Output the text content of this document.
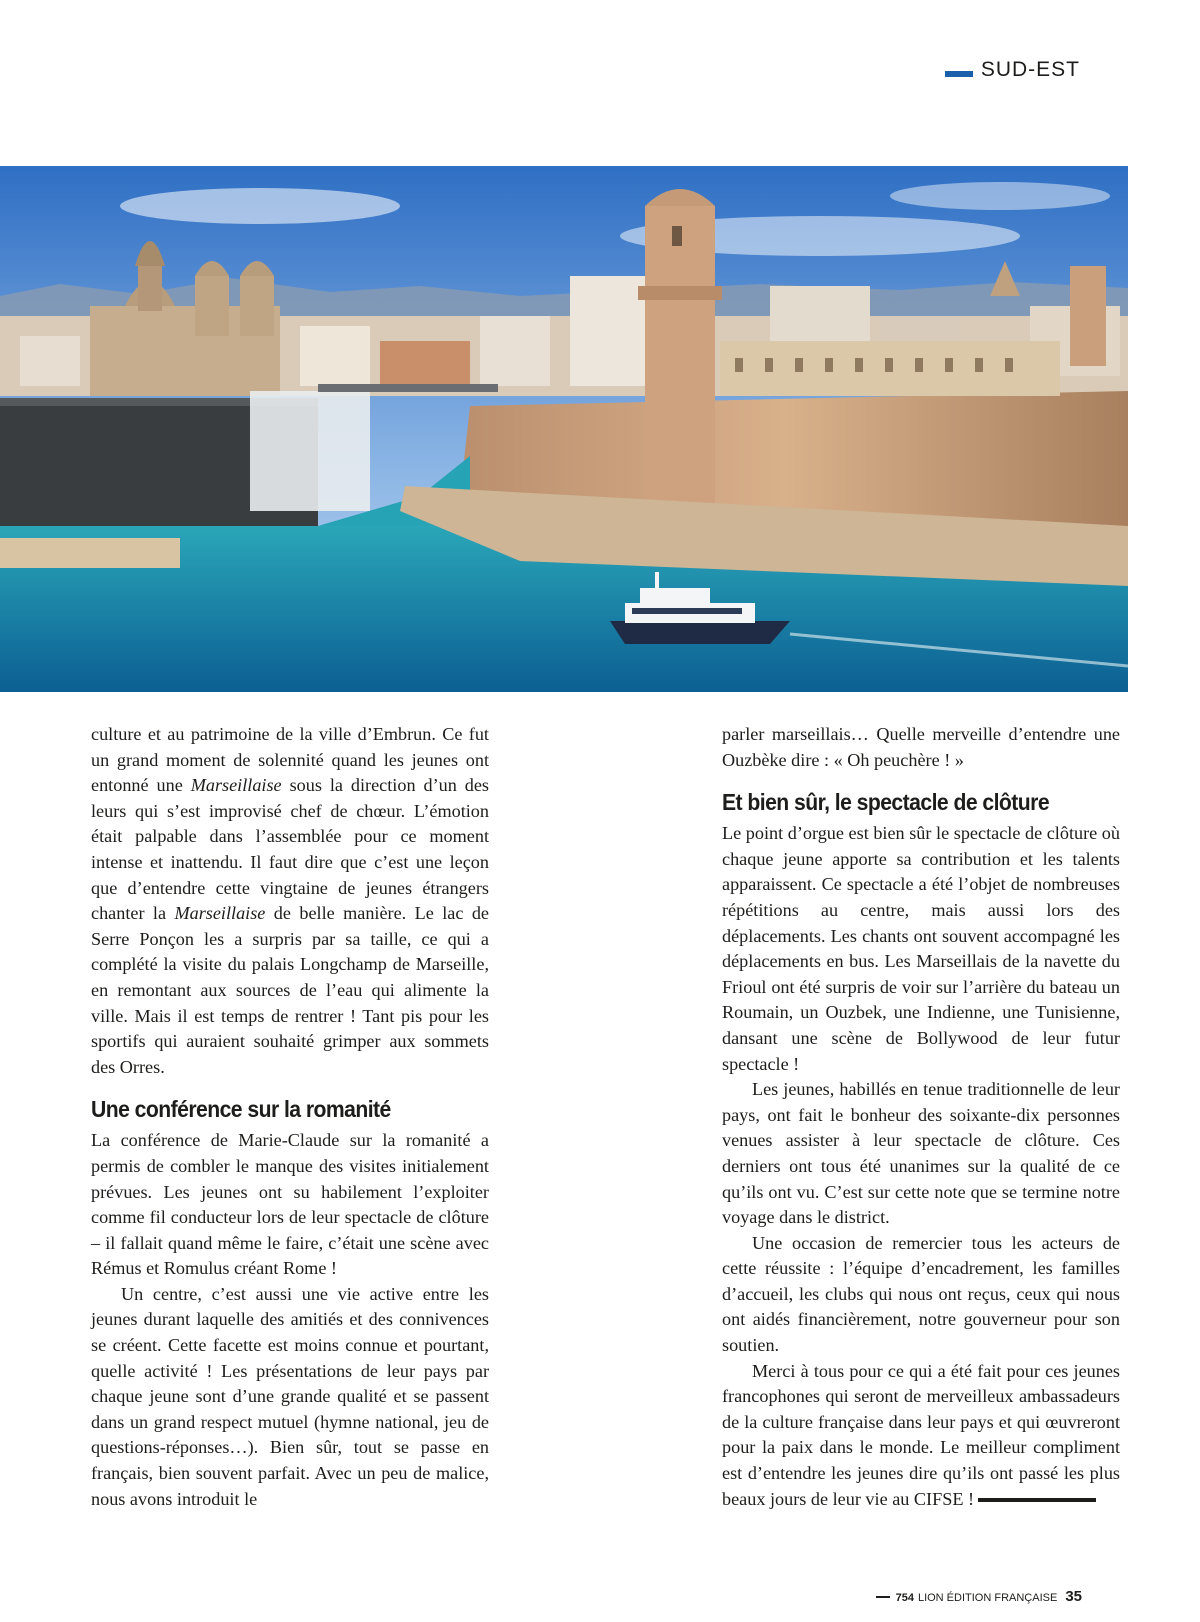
SUD-EST

culture et au patrimoine de la ville d’Embrun. Ce fut un grand moment de solennité quand les jeunes ont entonné une Marseillaise sous la direction d’un des leurs qui s’est improvisé chef de chœur. L’émotion était palpable dans l’assemblée pour ce moment intense et inattendu. Il faut dire que c’est une leçon que d’entendre cette vingtaine de jeunes étrangers chanter la Marseillaise de belle manière. Le lac de Serre Ponçon les a surpris par sa taille, ce qui a complété la visite du palais Longchamp de Marseille, en remontant aux sources de l’eau qui alimente la ville. Mais il est temps de rentrer ! Tant pis pour les sportifs qui auraient souhaité grimper aux sommets des Orres.

Une conférence sur la romanité

La conférence de Marie-Claude sur la romanité a permis de combler le manque des visites initialement prévues. Les jeunes ont su habilement l’exploiter comme fil conducteur lors de leur spectacle de clôture – il fallait quand même le faire, c’était une scène avec Rémus et Romulus créant Rome !

Un centre, c’est aussi une vie active entre les jeunes durant laquelle des amitiés et des connivences se créent. Cette facette est moins connue et pourtant, quelle activité ! Les présentations de leur pays par chaque jeune sont d’une grande qualité et se passent dans un grand respect mutuel (hymne national, jeu de questions-réponses…). Bien sûr, tout se passe en français, bien souvent parfait. Avec un peu de malice, nous avons introduit le

parler marseillais… Quelle merveille d’entendre une Ouzbèke dire : « Oh peuchère ! »

Et bien sûr, le spectacle de clôture

Le point d’orgue est bien sûr le spectacle de clôture où chaque jeune apporte sa contribution et les talents apparaissent. Ce spectacle a été l’objet de nombreuses répétitions au centre, mais aussi lors des déplacements. Les chants ont souvent accompagné les déplacements en bus. Les Marseillais de la navette du Frioul ont été surpris de voir sur l’arrière du bateau un Roumain, un Ouzbek, une Indienne, une Tunisienne, dansant une scène de Bollywood de leur futur spectacle !

Les jeunes, habillés en tenue traditionnelle de leur pays, ont fait le bonheur des soixante-dix personnes venues assister à leur spectacle de clôture. Ces derniers ont tous été unanimes sur la qualité de ce qu’ils ont vu. C’est sur cette note que se termine notre voyage dans le district.

Une occasion de remercier tous les acteurs de cette réussite : l’équipe d’encadrement, les familles d’accueil, les clubs qui nous ont reçus, ceux qui nous ont aidés financièrement, notre gouverneur pour son soutien.

Merci à tous pour ce qui a été fait pour ces jeunes francophones qui seront de merveilleux ambassadeurs de la culture française dans leur pays et qui œuvreront pour la paix dans le monde. Le meilleur compliment est d’entendre les jeunes dire qu’ils ont passé les plus beaux jours de leur vie au CIFSE !

754 LION ÉDITION FRANÇAISE 35
